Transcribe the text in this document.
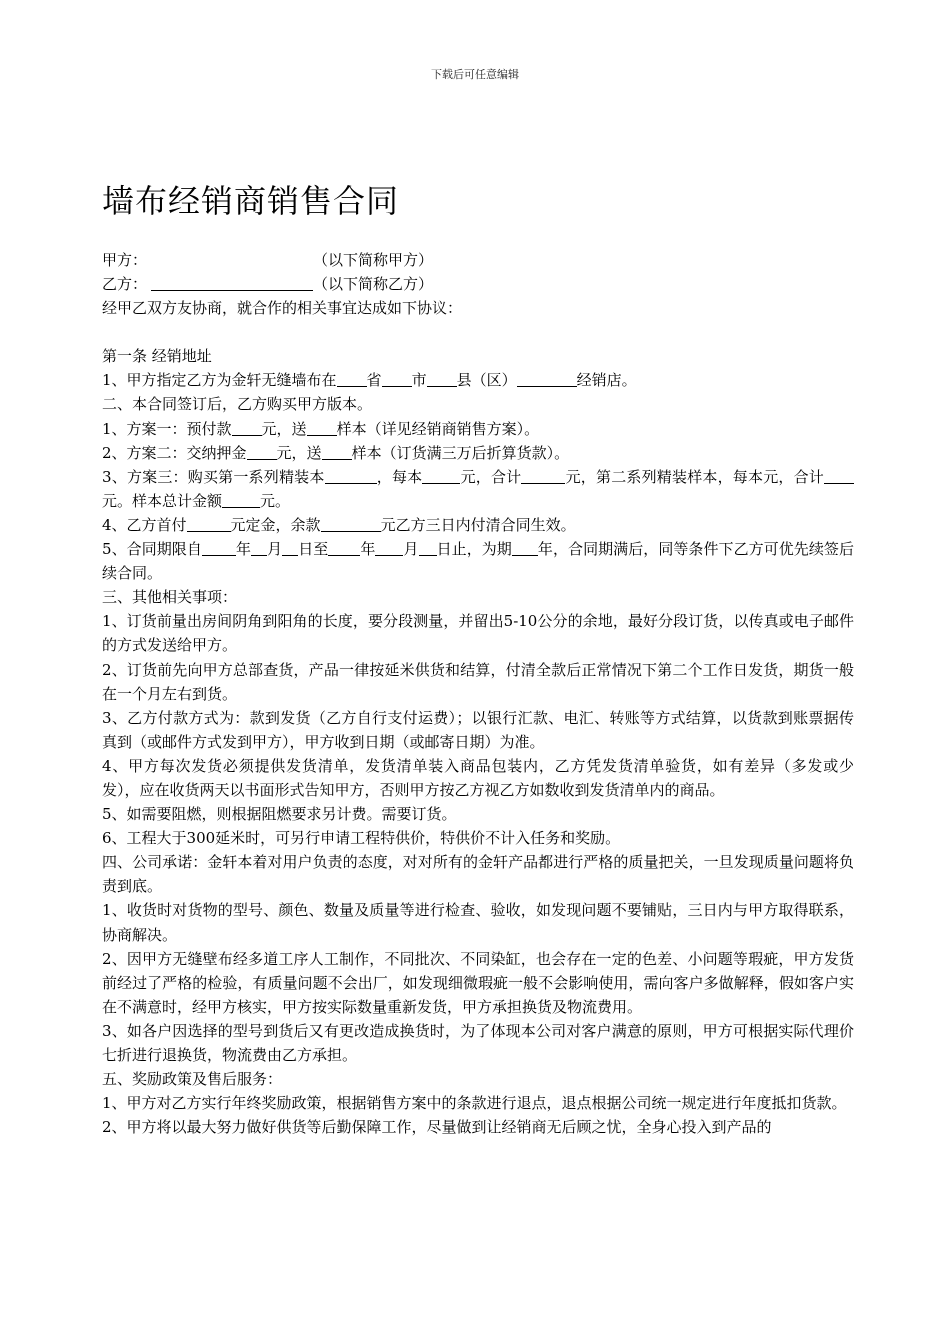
下载后可任意编辑
墙布经销商销售合同

甲方：	（以下简称甲方）

乙方：	（以下简称乙方）

经甲乙双方友协商，就合作的相关事宜达成如下协议：

第一条 经销地址

1、甲方指定乙方为金轩无缝墙布在 省 市 县（区）	经销店。

二、本合同签订后，乙方购买甲方版本。

1、方案一：预付款 元，送 样本（详见经销商销售方案）。

2、方案二：交纳押金 元，送 样本（订货满三万后折算货款）。

3、方案三：购买第一系列精装本	，每本	元，合计	元，第二系列精装样本，每本元，合计元。样本总计金额	元。

4、乙方首付	元定金，余款	元乙方三日内付清合同生效。

5、合同期限自 年 月 日至 年 月 日止，为期 年，合同期满后，同等条件下乙方可优先续签后续合同。

三、其他相关事项：

1、订货前量出房间阴角到阳角的长度，要分段测量，并留出5-10公分的余地，最好分段订货，以传真或电子邮件的方式发送给甲方。

2、订货前先向甲方总部查货，产品一律按延米供货和结算，付清全款后正常情况下第二个工作日发货，期货一般在一个月左右到货。

3、乙方付款方式为：款到发货（乙方自行支付运费）；以银行汇款、电汇、转账等方式结算，以货款到账票据传真到（或邮件方式发到甲方），甲方收到日期（或邮寄日期）为准。

4、甲方每次发货必须提供发货清单，发货清单装入商品包装内，乙方凭发货清单验货，如有差异（多发或少发），应在收货两天以书面形式告知甲方，否则甲方按乙方视乙方如数收到发货清单内的商品。

5、如需要阻燃，则根据阻燃要求另计费。需要订货。

6、工程大于300延米时，可另行申请工程特供价，特供价不计入任务和奖励。

四、公司承诺：金轩本着对用户负责的态度，对对所有的金轩产品都进行严格的质量把关，一旦发现质量问题将负责到底。

1、收货时对货物的型号、颜色、数量及质量等进行检查、验收，如发现问题不要铺贴，三日内与甲方取得联系，协商解决。

2、因甲方无缝壁布经多道工序人工制作，不同批次、不同染缸，也会存在一定的色差、小问题等瑕疵，甲方发货前经过了严格的检验，有质量问题不会出厂，如发现细微瑕疵一般不会影响使用，需向客户多做解释，假如客户实在不满意时，经甲方核实，甲方按实际数量重新发货，甲方承担换货及物流费用。

3、如各户因选择的型号到货后又有更改造成换货时，为了体现本公司对客户满意的原则，甲方可根据实际代理价七折进行退换货，物流费由乙方承担。

五、奖励政策及售后服务：

1、甲方对乙方实行年终奖励政策，根据销售方案中的条款进行退点，退点根据公司统一规定进行年度抵扣货款。

2、甲方将以最大努力做好供货等后勤保障工作，尽量做到让经销商无后顾之忧，全身心投入到产品的
